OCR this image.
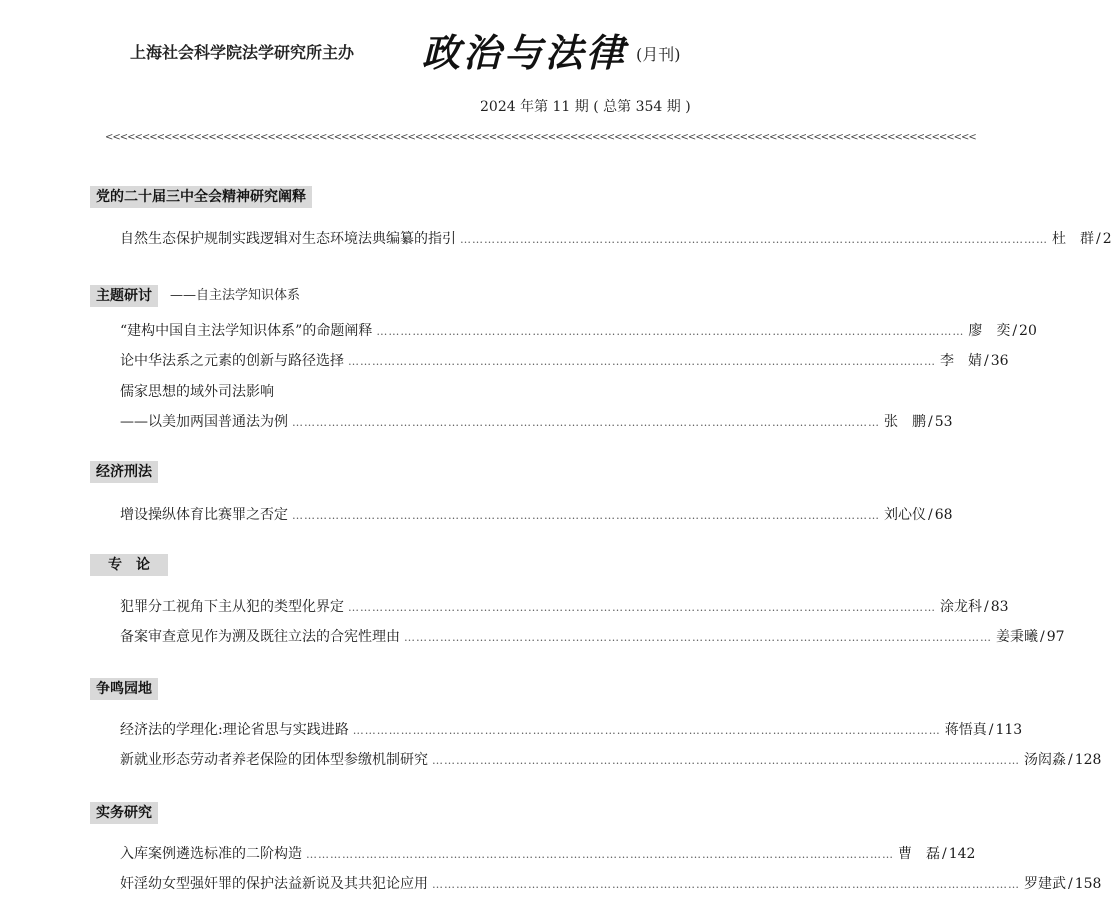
上海社会科学院法学研究所主办 政治与法律 (月刊)
2024 年第 11 期 ( 总第 354 期 )
<<<<<<<<<<<<<<<<<<<<<<<<<<<<<<<<<<<<<<<<<<<<<<<<<<<<<<<<<<<<<<<<<<<<<<<<<<<<<<<<<<<<<<<<<<<<<<<<<<<<<<<<<<<<<<<<<<<<<<
党的二十届三中全会精神研究阐释
自然生态保护规制实践逻辑对生态环境法典编纂的指引 …………………………………………………………………………………………………………………………………	杜　群 / 2
主题研讨	——自主法学知识体系
“建构中国自主法学知识体系”的命题阐释 …………………………………………………………………………………………………………………………………	廖　奕 / 20
论中华法系之元素的创新与路径选择 …………………………………………………………………………………………………………………………………	李　婧 / 36
儒家思想的域外司法影响
——以美加两国普通法为例 …………………………………………………………………………………………………………………………………	张　鹏 / 53
经济刑法
增设操纵体育比赛罪之否定 …………………………………………………………………………………………………………………………………	刘心仪 / 68
专　论
犯罪分工视角下主从犯的类型化界定 …………………………………………………………………………………………………………………………………	涂龙科 / 83
备案审查意见作为溯及既往立法的合宪性理由 …………………………………………………………………………………………………………………………………	姜秉曦 / 97
争鸣园地
经济法的学理化:理论省思与实践进路 …………………………………………………………………………………………………………………………………	蒋悟真 / 113
新就业形态劳动者养老保险的团体型参缴机制研究 …………………………………………………………………………………………………………………………………	汤闳淼 / 128
实务研究
入库案例遴选标准的二阶构造 …………………………………………………………………………………………………………………………………	曹　磊 / 142
奸淫幼女型强奸罪的保护法益新说及其共犯论应用 …………………………………………………………………………………………………………………………………	罗建武 / 158
